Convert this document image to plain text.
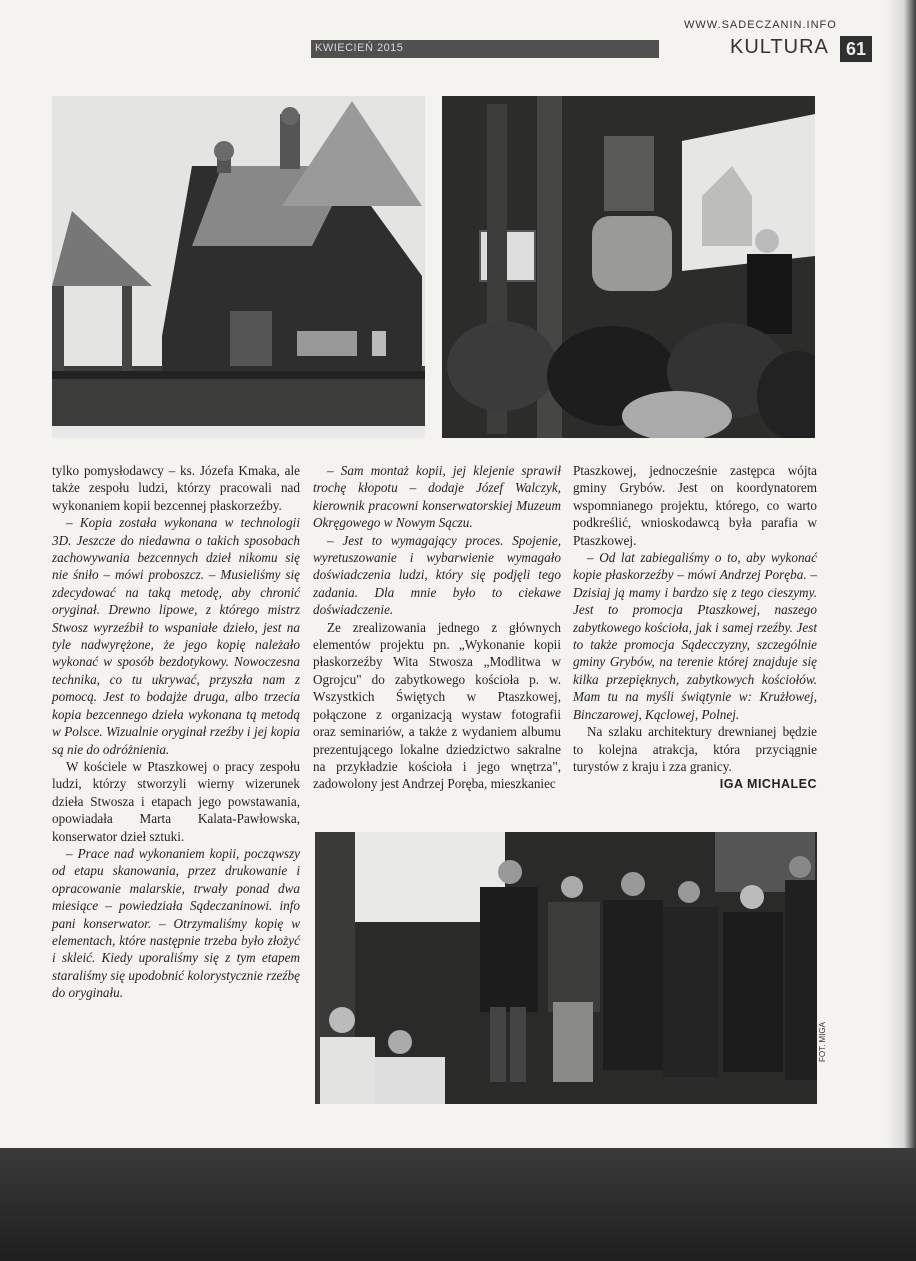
WWW.SADECZANIN.INFO
KWIECIEŃ 2015	KULTURA 61

tylko pomysłodawcy – ks. Józefa Kmaka, ale także zespołu ludzi, którzy pracowali nad wykonaniem kopii bezcennej płaskorzeźby.

– Kopia została wykonana w technologii 3D. Jeszcze do niedawna o takich sposobach zachowywania bezcennych dzieł nikomu się nie śniło – mówi proboszcz. – Musieliśmy się zdecydować na taką metodę, aby chronić oryginał. Drewno lipowe, z którego mistrz Stwosz wyrzeźbił to wspaniałe dzieło, jest na tyle nadwyrężone, że jego kopię należało wykonać w sposób bezdotykowy. Nowoczesna technika, co tu ukrywać, przyszła nam z pomocą. Jest to bodajże druga, albo trzecia kopia bezcennego dzieła wykonana tą metodą w Polsce. Wizualnie oryginał rzeźby i jej kopia są nie do odróżnienia.

W kościele w Ptaszkowej o pracy zespołu ludzi, którzy stworzyli wierny wizerunek dzieła Stwosza i etapach jego powstawania, opowiadała Marta Kalata-Pawłowska, konserwator dzieł sztuki.

– Prace nad wykonaniem kopii, począwszy od etapu skanowania, przez drukowanie i opracowanie malarskie, trwały ponad dwa miesiące – powiedziała Sądeczaninowi. info pani konserwator. – Otrzymaliśmy kopię w elementach, które następnie trzeba było złożyć i skleić. Kiedy uporaliśmy się z tym etapem staraliśmy się upodobnić kolorystycznie rzeźbę do oryginału.

– Sam montaż kopii, jej klejenie sprawił trochę kłopotu – dodaje Józef Walczyk, kierownik pracowni konserwatorskiej Muzeum Okręgowego w Nowym Sączu.

– Jest to wymagający proces. Spojenie, wyretuszowanie i wybarwienie wymagało doświadczenia ludzi, który się podjęli tego zadania. Dla mnie było to ciekawe doświadczenie.

Ze zrealizowania jednego z głównych elementów projektu pn. „Wykonanie kopii płaskorzeźby Wita Stwosza „Modlitwa w Ogrojcu" do zabytkowego kościoła p. w. Wszystkich Świętych w Ptaszkowej, połączone z organizacją wystaw fotografii oraz seminariów, a także z wydaniem albumu prezentującego lokalne dziedzictwo sakralne na przykładzie kościoła i jego wnętrza", zadowolony jest Andrzej Poręba, mieszkaniec

Ptaszkowej, jednocześnie zastępca wójta gminy Grybów. Jest on koordynatorem wspomnianego projektu, którego, co warto podkreślić, wnioskodawcą była parafia w Ptaszkowej.

– Od lat zabiegaliśmy o to, aby wykonać kopie płaskorzeźby – mówi Andrzej Poręba. – Dzisiaj ją mamy i bardzo się z tego cieszymy. Jest to promocja Ptaszkowej, naszego zabytkowego kościoła, jak i samej rzeźby. Jest to także promocja Sądecczyzny, szczególnie gminy Grybów, na terenie której znajduje się kilka przepięknych, zabytkowych kościołów. Mam tu na myśli świątynie w: Krużłowej, Binczarowej, Kąclowej, Polnej.

Na szlaku architektury drewnianej będzie to kolejna atrakcja, która przyciągnie turystów z kraju i zza granicy.

IGA MICHALEC
FOT. MIGA
